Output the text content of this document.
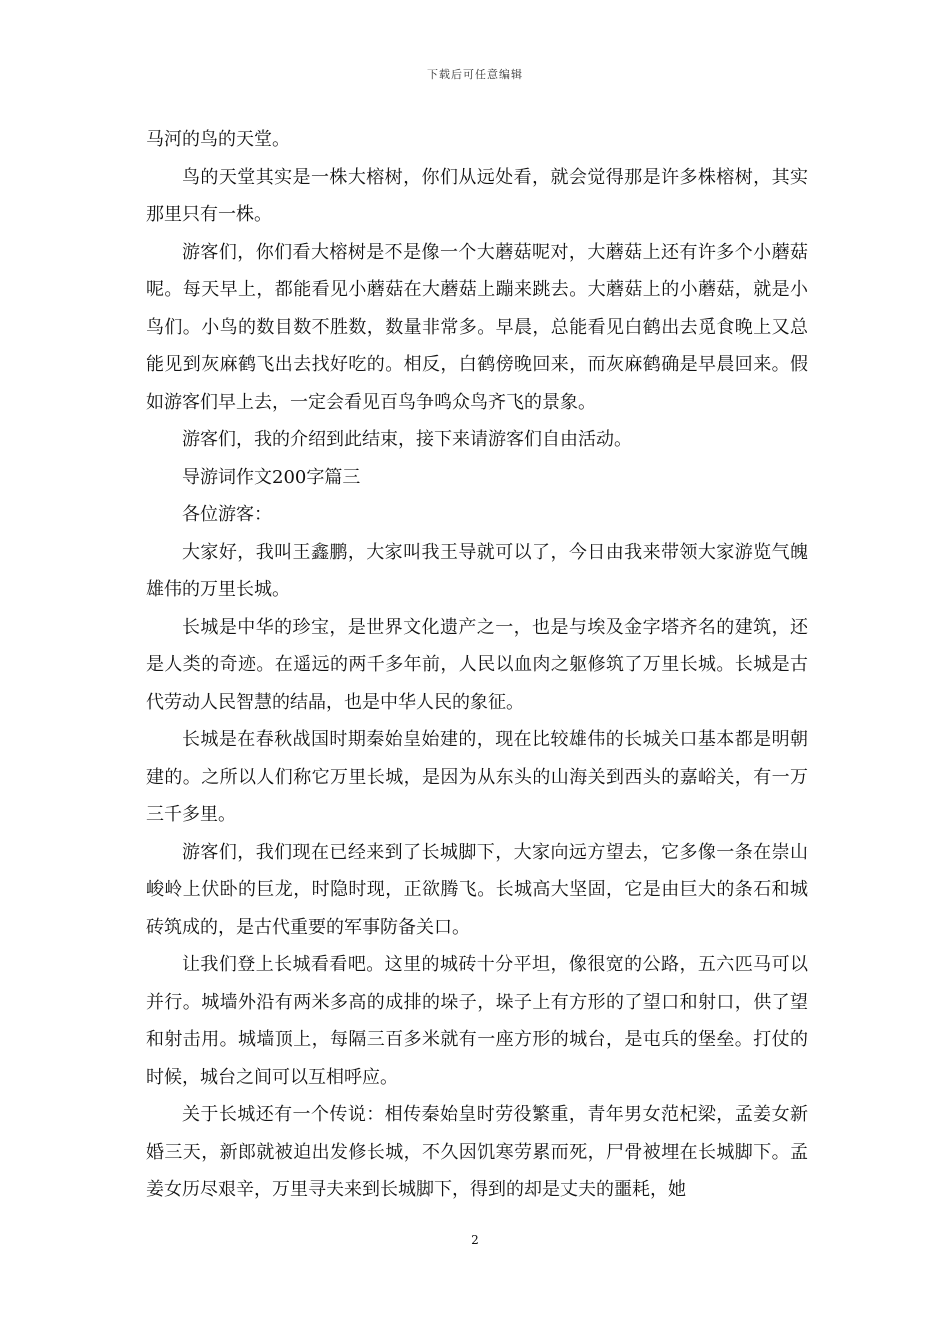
下载后可任意编辑

马河的鸟的天堂。

鸟的天堂其实是一株大榕树，你们从远处看，就会觉得那是许多株榕树，其实那里只有一株。

游客们，你们看大榕树是不是像一个大蘑菇呢对，大蘑菇上还有许多个小蘑菇呢。每天早上，都能看见小蘑菇在大蘑菇上蹦来跳去。大蘑菇上的小蘑菇，就是小鸟们。小鸟的数目数不胜数，数量非常多。早晨，总能看见白鹤出去觅食晚上又总能见到灰麻鹤飞出去找好吃的。相反，白鹤傍晚回来，而灰麻鹤确是早晨回来。假如游客们早上去，一定会看见百鸟争鸣众鸟齐飞的景象。

游客们，我的介绍到此结束，接下来请游客们自由活动。

导游词作文200字篇三

各位游客：

大家好，我叫王鑫鹏，大家叫我王导就可以了，今日由我来带领大家游览气魄雄伟的万里长城。

长城是中华的珍宝，是世界文化遗产之一，也是与埃及金字塔齐名的建筑，还是人类的奇迹。在遥远的两千多年前，人民以血肉之躯修筑了万里长城。长城是古代劳动人民智慧的结晶，也是中华人民的象征。

长城是在春秋战国时期秦始皇始建的，现在比较雄伟的长城关口基本都是明朝建的。之所以人们称它万里长城，是因为从东头的山海关到西头的嘉峪关，有一万三千多里。

游客们，我们现在已经来到了长城脚下，大家向远方望去，它多像一条在崇山峻岭上伏卧的巨龙，时隐时现，正欲腾飞。长城高大坚固，它是由巨大的条石和城砖筑成的，是古代重要的军事防备关口。

让我们登上长城看看吧。这里的城砖十分平坦，像很宽的公路，五六匹马可以并行。城墙外沿有两米多高的成排的垛子，垛子上有方形的了望口和射口，供了望和射击用。城墙顶上，每隔三百多米就有一座方形的城台，是屯兵的堡垒。打仗的时候，城台之间可以互相呼应。

关于长城还有一个传说：相传秦始皇时劳役繁重，青年男女范杞梁，孟姜女新婚三天，新郎就被迫出发修长城，不久因饥寒劳累而死，尸骨被埋在长城脚下。孟姜女历尽艰辛，万里寻夫来到长城脚下，得到的却是丈夫的噩耗，她

2
